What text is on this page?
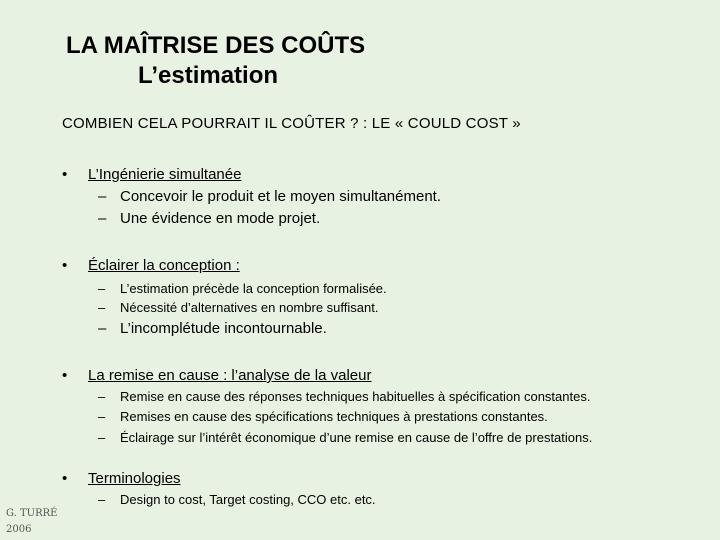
LA MAÎTRISE DES COÛTS
L’estimation
COMBIEN CELA POURRAIT IL COÛTER ? : LE « COULD COST »
•	L’Ingénierie simultanée
– Concevoir le produit et le moyen simultanément.
– Une évidence en mode projet.
•	Éclairer la conception :
–	L’estimation précède la conception formalisée.
–	Nécessité d’alternatives en nombre suffisant.
– L’incomplétude incontournable.
•	La remise en cause : l’analyse de la valeur
–	Remise en cause des réponses techniques habituelles à spécification constantes.
–	Remises en cause des spécifications techniques à prestations constantes.
–	Éclairage sur l’intérêt économique d’une remise en cause de l’offre de prestations.
•	Terminologies
–	Design to cost, Target costing, CCO etc. etc.
G. TURRÉ
2006
